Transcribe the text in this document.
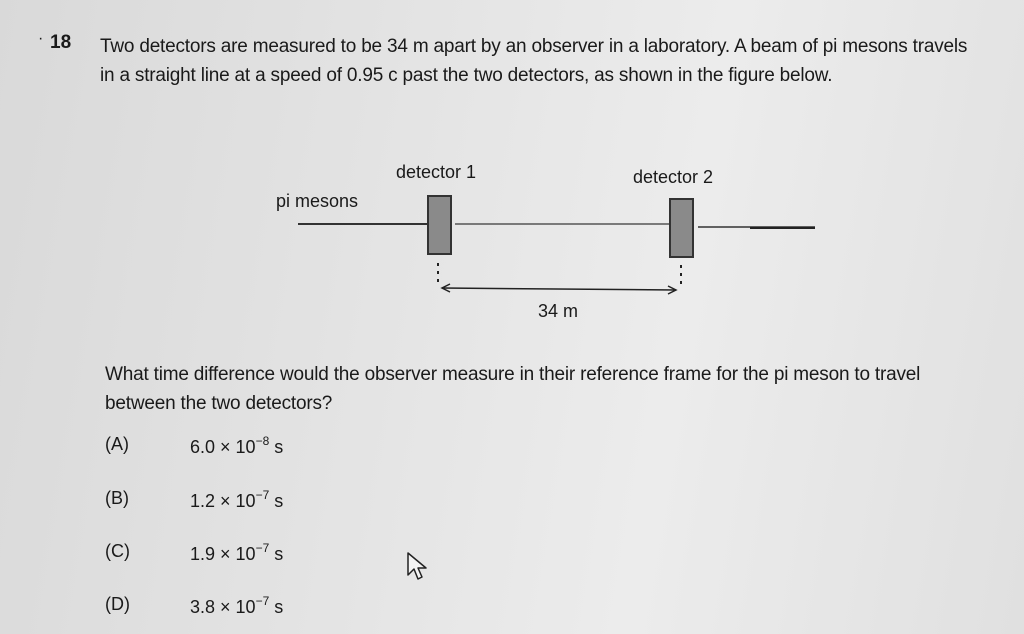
· 18 Two detectors are measured to be 34 m apart by an observer in a laboratory. A beam of pi mesons travels in a straight line at a speed of 0.95 c past the two detectors, as shown in the figure below.
pi mesons
detector 1	detector 2
34 m
What time difference would the observer measure in their reference frame for the pi meson to travel between the two detectors?
(A)	$6.0 \times 10^{-8}$ s
(B)	$1.2 \times 10^{-7}$ s
(C)	$1.9 \times 10^{-7}$ s
(D)	$3.8 \times 10^{-7}$ s
